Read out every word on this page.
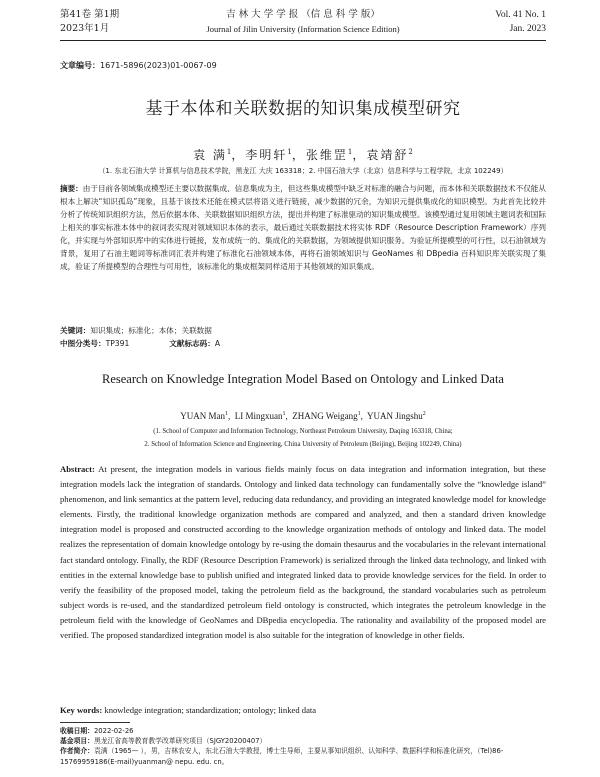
第41卷 第1期
2023年1月
吉 林 大 学 学 报 （信 息 科 学 版）
Journal of Jilin University (Information Science Edition)
Vol. 41 No. 1
Jan. 2023
文章编号：1671-5896(2023)01-0067-09
基于本体和关联数据的知识集成模型研究
袁 满$^1$，李明轩$^1$，张维罡$^1$，袁靖舒$^2$
（1. 东北石油大学 计算机与信息技术学院，黑龙江 大庆 163318；2. 中国石油大学（北京）信息科学与工程学院，北京 102249）
摘要：由于目前各领域集成模型还主要以数据集成、信息集成为主，但这些集成模型中缺乏对标准的融合与问题，而本体和关联数据技术不仅能从根本上解决“知识孤岛”现象，且基于该技术还能在模式层将语义进行链接，减少数据的冗余，为知识元提供集成化的知识模型。为此首先比较并分析了传统知识组织方法，然后依据本体、关联数据知识组织方法，提出并构建了标准驱动的知识集成模型。该模型通过复用领域主题词表和国际上相关的事实标准本体中的叙词表实现对领域知识本体的表示，最后通过关联数据技术将实体 RDF（Resource Description Framework）序列化，并实现与外部知识库中的实体进行链接，发布成统一的、集成化的关联数据，为领域提供知识服务。为验证所提模型的可行性，以石油领域为背景，复用了石油主题词等标准词汇表并构建了标准化石油领域本体，再将石油领域知识与 GeoNames 和 DBpedia 百科知识库关联实现了集成，验证了所提模型的合理性与可用性，该标准化的集成框架同样适用于其他领域的知识集成。
关键词：知识集成；标准化；本体；关联数据
中图分类号：TP391	文献标志码：A
Research on Knowledge Integration Model Based on Ontology and Linked Data
YUAN Man$^1$,  LI Mingxuan$^1$,  ZHANG Weigang$^1$,  YUAN Jingshu$^2$
(1. School of Computer and Information Technology, Northeast Petroleum University, Daqing 163318, China;
2. School of Information Science and Engineering, China University of Petroleum (Beijing), Beijing 102249, China)
Abstract: At present, the integration models in various fields mainly focus on data integration and information integration, but these integration models lack the integration of standards. Ontology and linked data technology can fundamentally solve the “knowledge island” phenomenon, and link semantics at the pattern level, reducing data redundancy, and providing an integrated knowledge model for knowledge elements. Firstly, the traditional knowledge organization methods are compared and analyzed, and then a standard driven knowledge integration model is proposed and constructed according to the knowledge organization methods of ontology and linked data. The model realizes the representation of domain knowledge ontology by re-using the domain thesaurus and the vocabularies in the relevant international fact standard ontology. Finally, the RDF (Resource Description Framework) is serialized through the linked data technology, and linked with entities in the external knowledge base to publish unified and integrated linked data to provide knowledge services for the field. In order to verify the feasibility of the proposed model, taking the petroleum field as the background, the standard vocabularies such as petroleum subject words is re-used, and the standardized petroleum field ontology is constructed, which integrates the petroleum knowledge in the petroleum field with the knowledge of GeoNames and DBpedia encyclopedia. The rationality and availability of the proposed model are verified. The proposed standardized integration model is also suitable for the integration of knowledge in other fields.
Key words: knowledge integration; standardization; ontology; linked data
收稿日期：2022-02-26
基金项目：黑龙江省高等教育教学改革研究项目（SJGY20200407）
作者简介：袁满（1965— ），男，吉林农安人，东北石油大学教授，博士生导师，主要从事知识组织、认知科学、数据科学和标准化研究，（Tel)86-15769959186(E-mail)yuanman@ nepu. edu. cn。
